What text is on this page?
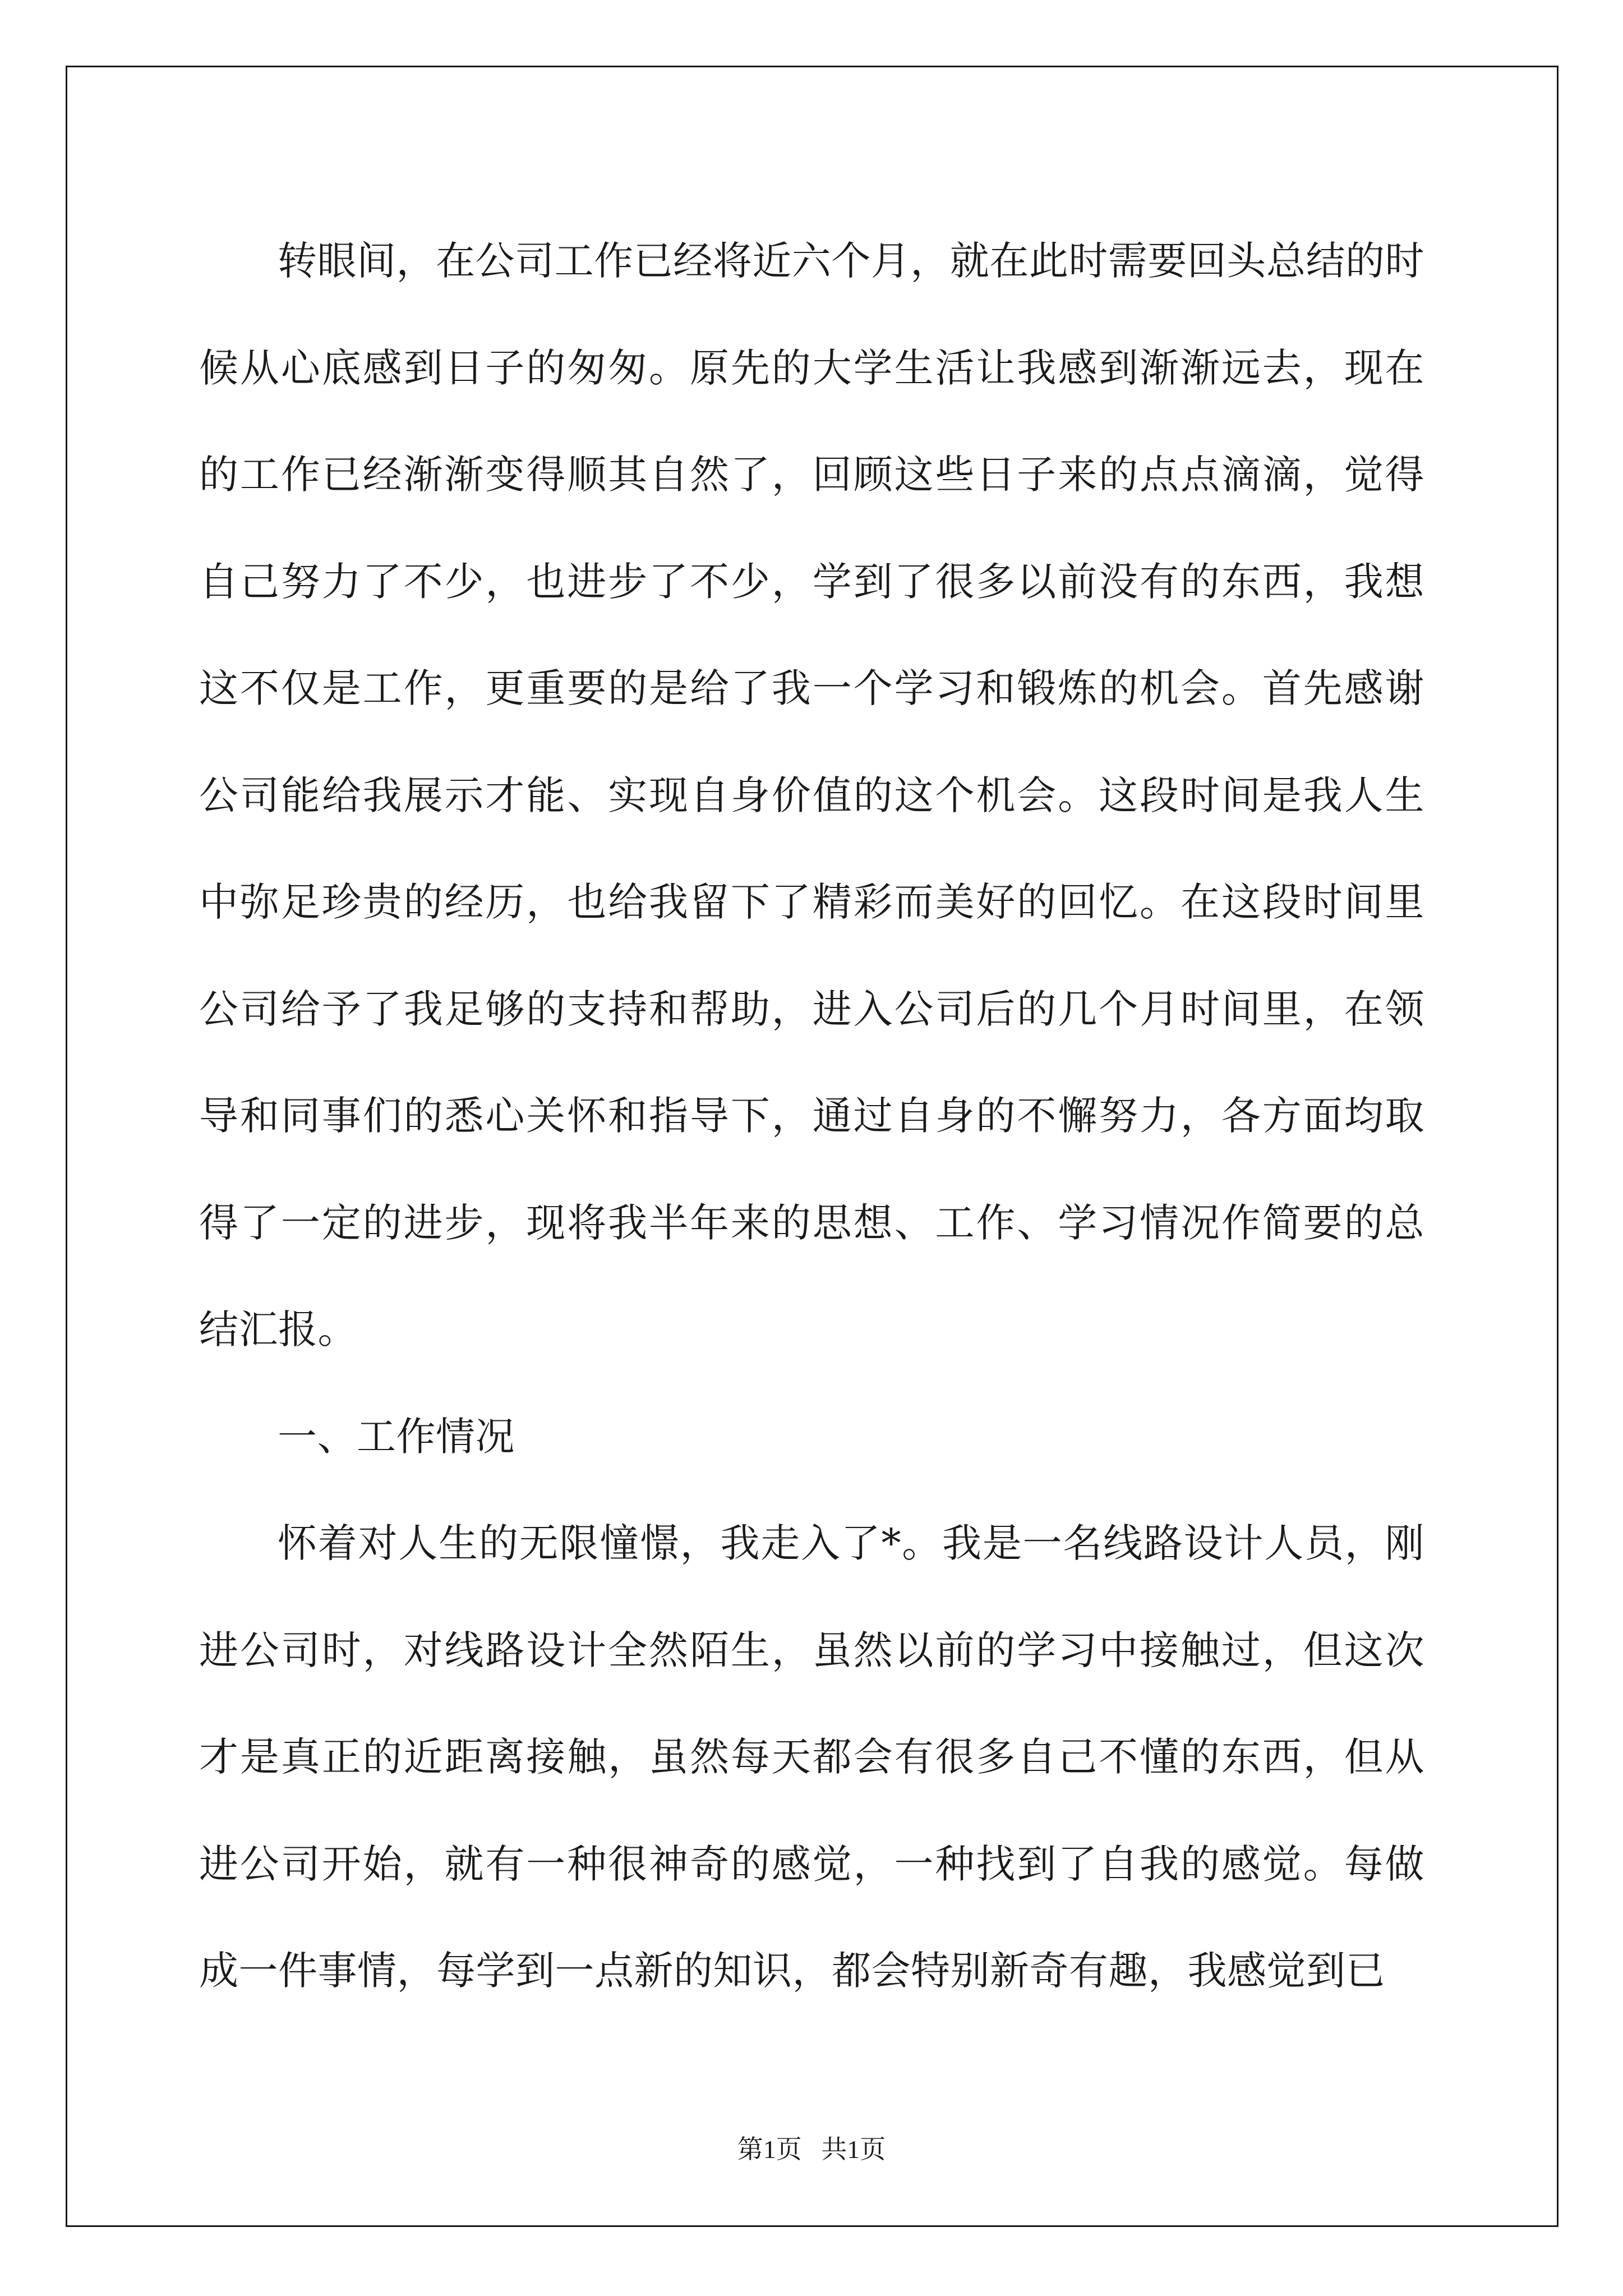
转眼间，在公司工作已经将近六个月，就在此时需要回头总结的时候从心底感到日子的匆匆。原先的大学生活让我感到渐渐远去，现在的工作已经渐渐变得顺其自然了，回顾这些日子来的点点滴滴，觉得自己努力了不少，也进步了不少，学到了很多以前没有的东西，我想这不仅是工作，更重要的是给了我一个学习和锻炼的机会。首先感谢公司能给我展示才能、实现自身价值的这个机会。这段时间是我人生中弥足珍贵的经历，也给我留下了精彩而美好的回忆。在这段时间里公司给予了我足够的支持和帮助，进入公司后的几个月时间里，在领导和同事们的悉心关怀和指导下，通过自身的不懈努力，各方面均取得了一定的进步，现将我半年来的思想、工作、学习情况作简要的总结汇报。

一、工作情况

怀着对人生的无限憧憬，我走入了*。我是一名线路设计人员，刚进公司时，对线路设计全然陌生，虽然以前的学习中接触过，但这次才是真正的近距离接触，虽然每天都会有很多自己不懂的东西，但从进公司开始，就有一种很神奇的感觉，一种找到了自我的感觉。每做成一件事情，每学到一点新的知识，都会特别新奇有趣，我感觉到已

第1页   共1页
